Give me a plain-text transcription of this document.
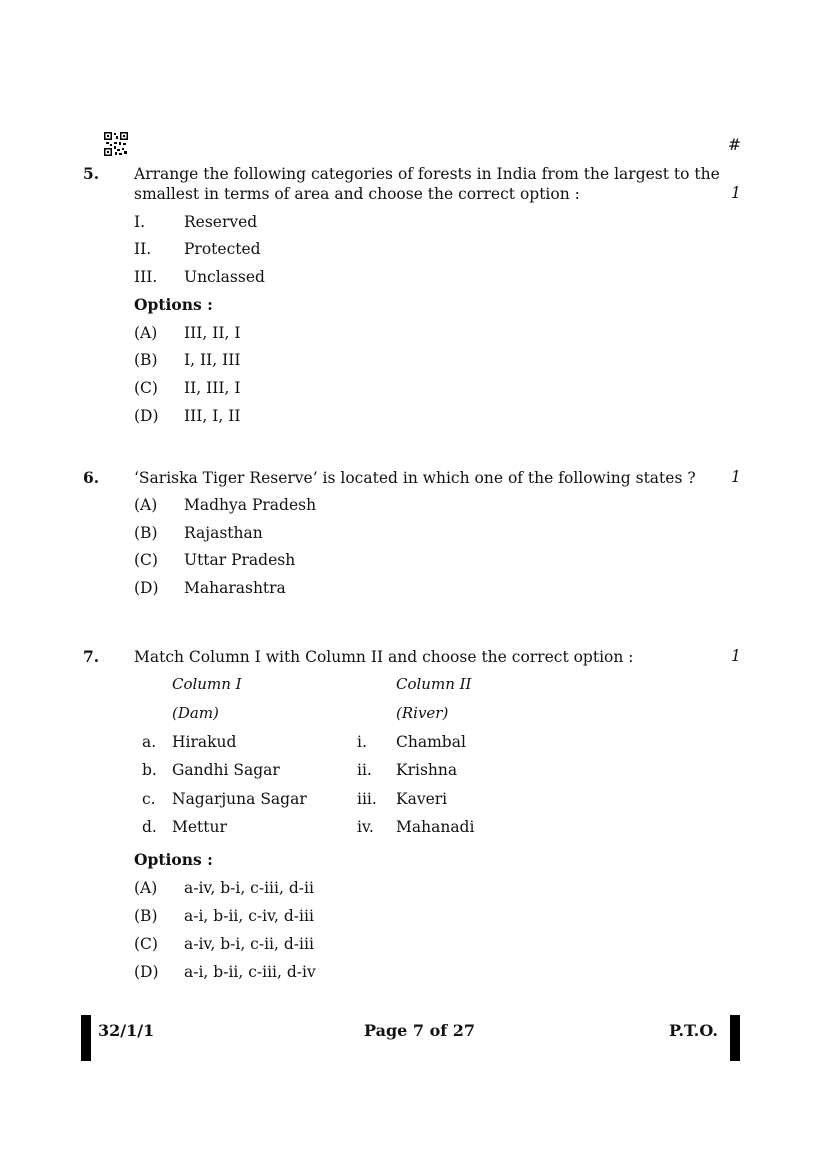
#
5. Arrange the following categories of forests in India from the largest to the
smallest in terms of area and choose the correct option :	1
I.	Reserved
II. Protected
III. Unclassed
Options :
(A) III, II, I
(B) I, II, III
(C) II, III, I
(D) III, I, II
6. ‘Sariska Tiger Reserve’ is located in which one of the following states ? 1
(A) Madhya Pradesh
(B) Rajasthan
(C) Uttar Pradesh
(D) Maharashtra
7. Match Column I with Column II and choose the correct option :	1
Column I	Column II
(Dam)	(River)
a. Hirakud	i. Chambal
b. Gandhi Sagar	ii. Krishna
c. Nagarjuna Sagar	iii. Kaveri
d. Mettur	iv. Mahanadi
Options :
(A) a-iv, b-i, c-iii, d-ii
(B) a-i, b-ii, c-iv, d-iii
(C) a-iv, b-i, c-ii, d-iii
(D) a-i, b-ii, c-iii, d-iv
32/1/1	Page 7 of 27	P.T.O.
